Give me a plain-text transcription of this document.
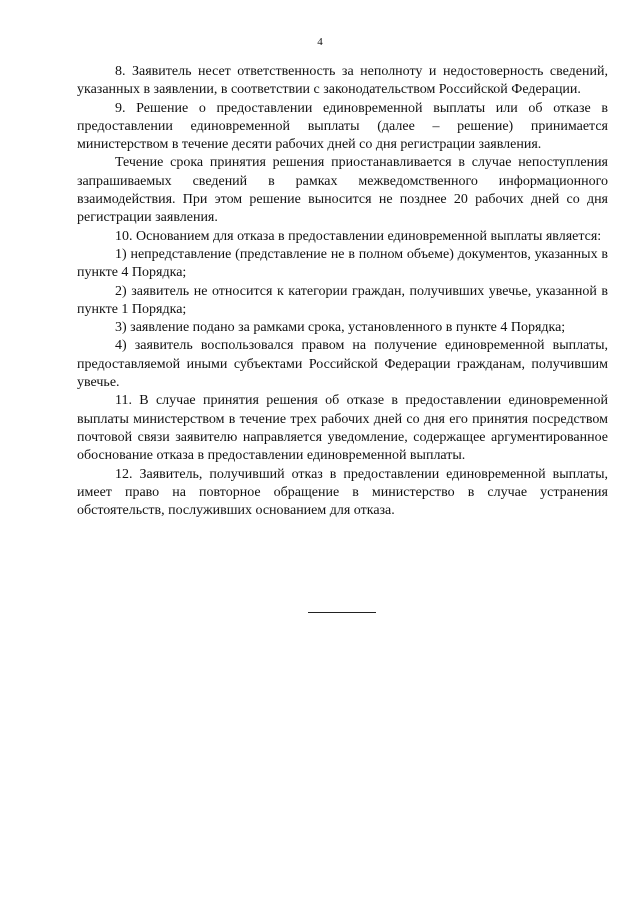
4

8. Заявитель несет ответственность за неполноту и недостоверность сведений, указанных в заявлении, в соответствии с законодательством Российской Федерации.

9. Решение о предоставлении единовременной выплаты или об отказе в предоставлении единовременной выплаты (далее – решение) принимается министерством в течение десяти рабочих дней со дня регистрации заявления.

Течение срока принятия решения приостанавливается в случае непоступления запрашиваемых сведений в рамках межведомственного информационного взаимодействия. При этом решение выносится не позднее 20 рабочих дней со дня регистрации заявления.

10. Основанием для отказа в предоставлении единовременной выплаты является:

1) непредставление (представление не в полном объеме) документов, указанных в пункте 4 Порядка;

2) заявитель не относится к категории граждан, получивших увечье, указанной в пункте 1 Порядка;

3) заявление подано за рамками срока, установленного в пункте 4 Порядка;

4) заявитель воспользовался правом на получение единовременной выплаты, предоставляемой иными субъектами Российской Федерации гражданам, получившим увечье.

11. В случае принятия решения об отказе в предоставлении единовременной выплаты министерством в течение трех рабочих дней со дня его принятия посредством почтовой связи заявителю направляется уведомление, содержащее аргументированное обоснование отказа в предоставлении единовременной выплаты.

12. Заявитель, получивший отказ в предоставлении единовременной выплаты, имеет право на повторное обращение в министерство в случае устранения обстоятельств, послуживших основанием для отказа.
